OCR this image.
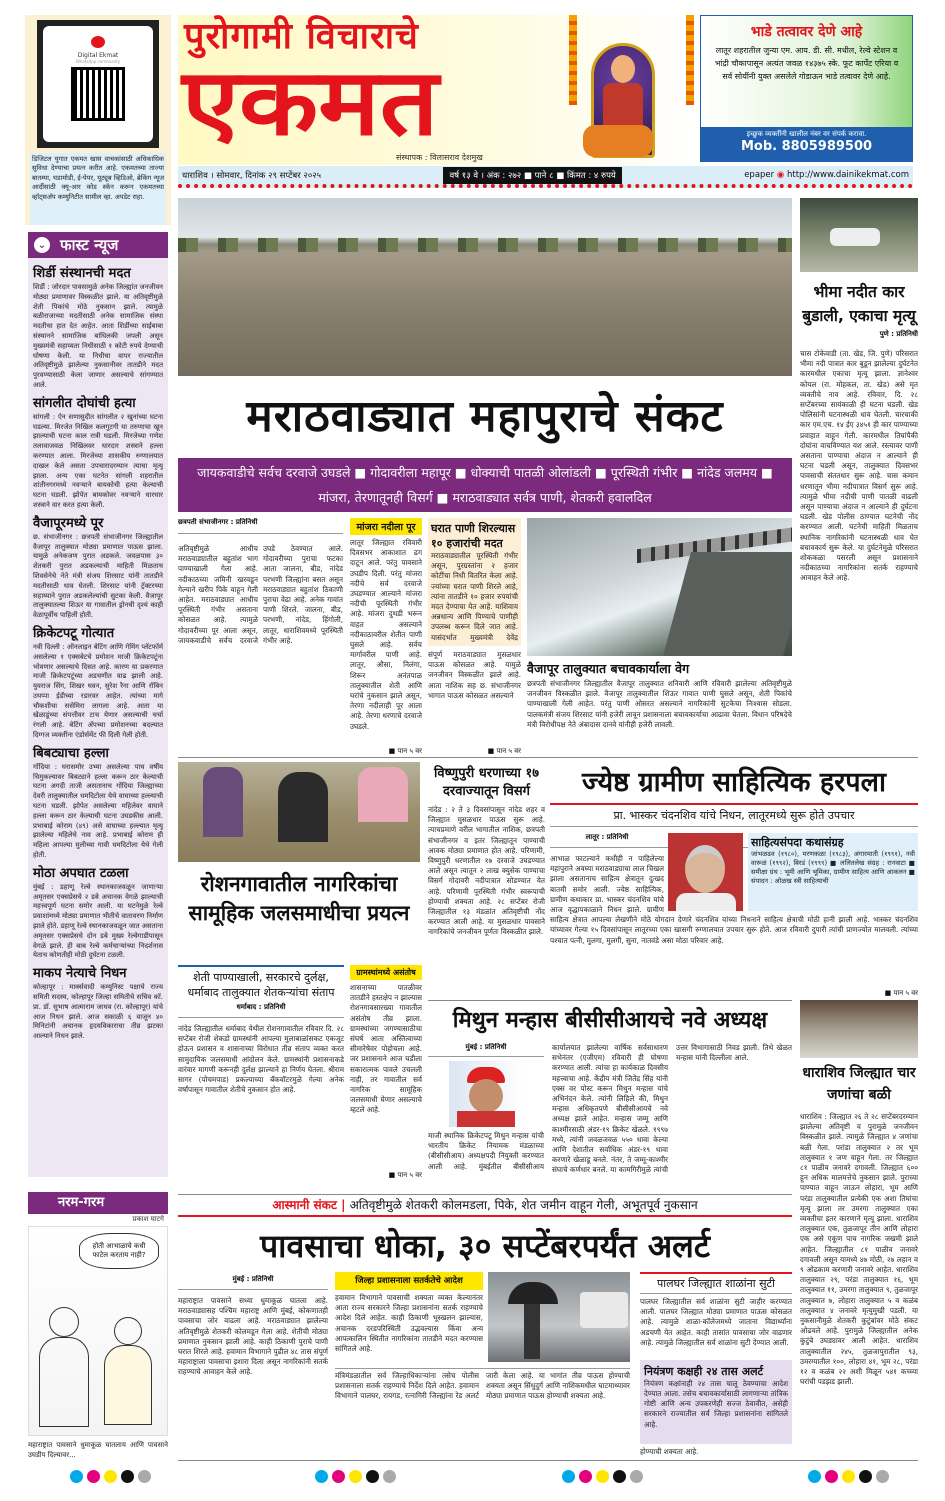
Digital Ekmat
WhatsApp community
डिजिटल युगात एकमत खास वाचकांसाठी अधिकाधिक सुविधा देण्याचा प्रयत्न करीत आहे. एकमतच्या ताज्या बातम्या, घडामोडी, ई-पेपर, यूट्यूब व्हिडिओ, ब्रेकिंग न्यूज आदींसाठी क्यू-आर कोड स्कॅन करून एकमतच्या व्हॉट्सअ‍ॅप कम्युनिटीत सामील व्हा. अपडेट राहा.
⌄ फास्ट न्यूज
शिर्डी संस्थानची मदत
शिर्डी : जोरदार पावसामुळे अनेक जिल्ह्यांत जनजीवन मोठ्या प्रमाणावर विस्कळीत झाले. या अतिवृष्टीमुळे शेती पिकांचे मोठे नुकसान झाले. त्यामुळे बळीराजाच्या मदतीसाठी अनेक सामाजिक संस्था मदतीचा हात देत आहेत. आता शिर्डीच्या साईबाबा संस्थानने सामाजिक बांधिलकी जपली असून मुख्यमंत्री सहाय्यता निधीसाठी १ कोटी रुपये देण्याची घोषणा केली. या निधीचा वापर राज्यातील अतिवृष्टीमुळे झालेल्या नुकसानीवर तातडीने मदत पुरवण्यासाठी केला जाणार असल्याचे सांगण्यात आले.
सांगलीत दोघांची हत्या
सांगली : ऐन सणासुदीत सांगलीत २ खुनांच्या घटना घडल्या. मिरजेत निखिल कलगुटगी या तरुणाचा खून झाल्याची घटना काल रात्री घडली. मिरजेच्या गणेश तलावाजवळ निखिलवर धारदार शस्त्राने हल्ला करण्यात आला. मिरजेच्या शासकीय रुग्णालयात दाखल केले असता उपचारादरम्यान त्याचा मृत्यू झाला. अन्य एका घटनेत सांगली शहरातील शांतीनगरमध्ये नवऱ्याने बायकोची हत्या केल्याची घटना घडली. झोपेत बायकोवर नवऱ्याने धारधार शस्त्राने वार करत हत्या केली.
वैजापूरमध्ये पूर
छ. संभाजीनगर : छत्रपती संभाजीनगर जिल्ह्यातील वैजापूर तालुक्यात मोठ्या प्रमाणात पाऊस झाला. यामुळे अनेकजण पुरात अडकले. जवळपास ३० शेतकरी पुरात अडकल्याची माहिती मिळताच शिवसेनेचे नेते मंत्री संजय शिरसाट यांनी तातडीने मदतीसाठी धाव घेतली. शिरसाट यांनी ट्रॅक्टरच्या सहाय्याने पुरात अडकलेल्यांची सुटका केली. वैजापूर तालुक्यातल्या शिऊर या गावातील ड्रोनची दृश्यं काही वेळापूर्वीच पाहिली होती.
क्रिकेटपटू गोत्यात
नवी दिल्ली : ऑनलाइन बेटिंग आणि गेमिंग प्लॅटफॉर्म असलेल्या १ एक्सबेटचे प्रमोशन माजी क्रिकेटपटूंना भोवणार असल्याचे दिसत आहे. कारण या प्रकरणात माजी क्रिकेटपटूंच्या अडचणीत वाढ झाली आहे. युवराज सिंग, शिखर धवन, सुरेश रैना आणि रॉबिन उथप्पा ईडीच्या रडारवर आहेत. त्यांच्या मागे चौकशीचा ससेमिरा लागला आहे. आता या खेळाडूंच्या संपत्तीवर टाच येणार असल्याची चर्चा रंगली आहे. बेटिंग अ‍ॅपच्या प्रमोशनच्या बदल्यात दिग्गज व्यक्तींना एंडोर्समेंट फी दिली गेली होती.
बिबट्याचा हल्ला
गोंदिया : घरासमोर उभ्या असलेल्या पाच वर्षीय चिमुकल्यावर बिबट्याने हल्ला करून ठार केल्याची घटना अगदी ताजी असतानाच गोंदिया जिल्ह्याच्या देवरी तालुक्यातील धमदिटोला येथे वाघाच्या हल्ल्याची घटना घडली. झोपेत असलेल्या महिलेवर वाघाने हल्ला करून ठार केल्याची घटना उघडकीस आली. प्रभाबाई कोराम (४९) असे वाघाच्या हल्ल्यात मृत्यू झालेल्या महिलेचे नाव आहे. प्रभाबाई कोराम ही महिला आपल्या मुलीच्या गावी धमदिटोला येथे गेली होती.
मोठा अपघात टळला
मुंबई : डहाणू रेल्वे स्थानकाजवळून जाणाऱ्या अमृतसर एक्सप्रेसचे २ डबे अचानक वेगळे झाल्याची महत्त्वपूर्ण घटना समोर आली. या घटनेमुळे रेल्वे प्रवाशांमध्ये मोठ्या प्रमाणात भीतीचे वातावरण निर्माण झाले होते. डहाणू रेल्वे स्थानकाजवळून जात असताना अमृतसर एक्सप्रेसचे दोन डबे मुख्य रेल्वेगाडीपासून वेगळे झाले. ही बाब रेल्वे कर्मचाऱ्यांच्या निदर्शनास येताच कोणतीही मोठी दुर्घटना टळली.
माकप नेत्याचे निधन
कोल्हापूर : मार्क्सवादी कम्युनिस्ट पक्षाचे राज्य समिती सदस्य, कोल्हापूर जिल्हा समितीचे सचिव कॉ. प्रा. डॉ. सुभाष आत्माराम जाधव (रा. कोल्हापूर) यांचे आज निधन झाले. आज सकाळी ६ वाजून ४० मिनिटांनी अचानक हृदयविकाराचा तीव्र झटका आल्याने निधन झाले.
नरम-गरम
प्रकाश घाटगे
होती आभाळाचे कधी फाटेल करताय नाही?
महाराष्ट्रात पावसाने धुमाकूळ घातलाय आणि पावसाने उघडीप दिल्यावर...
पुरोगामी विचाराचे
एकमत
संस्थापक : विलासराव देशमुख
भाडे तत्वावर देणे आहे
लातूर शहरातील जुन्या एम. आय. डी. सी. मधील, रेल्वे स्टेशन व भांद्री चौकापासून अत्यंत जवळ १४३७५ स्के. फूट कार्पेट एरिया व सर्व सोयींनी युक्त असलेले गोडाऊन भाडे तत्वावर देणे आहे.
इच्छुक व्यक्तींनी खालील नंबर वर संपर्क करावा.
Mob. 8805989500
धाराशिव । सोमवार, दिनांक २९ सप्टेंबर २०२५	वर्ष १३ वे । अंक : २७२ ■ पाने ८ ■ किंमत : ४ रुपये	epaper ◉ http://www.dainikekmat.com
भीमा नदीत कार बुडाली, एकाचा मृत्यू
पुणे : प्रतिनिधी
चास टोकेवाडी (ता. खेड, जि. पुणे) परिसरात भीमा नदी पात्रात कार बुडून झालेल्या दुर्घटनेत कारमधील एकाचा मृत्यू झाला. ज्ञानेश्वर कोयल (रा. मोहकल, ता. खेड) असे मृत व्यक्तीचे नाव आहे. रविवार, दि. २८ सप्टेंबरच्या सायंकाळी ही घटना घडली. खेड पोलिसांनी घटनास्थळी धाव घेतली. चारचाकी कार एम.एच. १४ ईए ३४५१ ही कार पाण्याच्या प्रवाहात वाहून गेली. कारमधील तिघांपैकी दोघांना वाचविण्यात यश आले. रस्त्यावर पाणी असताना पाण्याचा अंदाज न आल्याने ही घटना घडली असून, तालुक्यात दिवसभर पावसाची संततधार सुरू आहे. चास कमान धरणातून भीमा नदीपात्रात विसर्ग सुरू आहे. त्यामुळे भीमा नदीची पाणी पातळी वाढली असून पाण्याचा अंदाज न आल्याने ही दुर्घटना घडली. खेड पोलीस ठाण्यात घटनेची नोंद करण्यात आली. घटनेची माहिती मिळताच स्थानिक नागरिकांनी घटनास्थळी धाव घेत बचावकार्य सुरू केले. या दुर्घटनेमुळे परिसरात शोककळा पसरली असून प्रशासनाने नदीकाठच्या नागरिकांना सतर्क राहण्याचे आवाहन केले आहे.
मराठवाड्यात महापुराचे संकट
जायकवाडीचे सर्वच दरवाजे उघडले ■ गोदावरीला महापूर ■ धोक्याची पातळी ओलांडली ■ पूरस्थिती गंभीर ■ नांदेड जलमय ■ मांजरा, तेरणातूनही विसर्ग ■ मराठवाड्यात सर्वत्र पाणी, शेतकरी हवालदिल
छत्रपती संभाजीनगर : प्रतिनिधी
अतिवृष्टीमुळे आधीच मराठवाड्यातील बहुतांश भाग पाण्याखाली गेला आहे. नदीकाठच्या जमिनी खरवडून गेल्याने खरीप पिके वाहून गेली आहेत. मराठवाड्यात आधीच पूरस्थिती गंभीर असताना कोसळत आहे. त्यामुळे गोदावरीच्या पूर आला असून, जायकवाडीचे सर्वच दरवाजे उघडे ठेवण्यात आले. गोदावरीच्या पुराचा फटका आता जालना, बीड, नांदेड परभणी जिल्ह्यांना बसत असून मराठवाड्यात बहुतांश ठिकाणी पुराचा वेढा आहे. अनेक गावांत पाणी शिरले. जालना, बीड, परभणी, नांदेड, हिंगोली, लातूर, धाराशिवमध्ये पूरस्थिती गंभीर आहे.
मांजरा नदीला पूर
लातूर जिल्ह्यात रविवारी दिवसभर आकाशात ढग दाटून आले. परंतु पावसाने उघडीप दिली. परंतु मांजरा नदीचे सर्व दरवाजे उघडण्यात आल्याने मांजरा नदीची पूरस्थिती गंभीर आहे. मांजरा दुथडी भरून वाहत असल्याने नदीकाठावरील शेतीत पाणी घुसले आहे. सर्वच मार्गावरील पाणी आहे. लातूर, औसा, निलंगा, शिरूर अनंतपाळ तालुक्यातील शेती आणि घरांचे नुकसान झाले असून, तेरणा नदीलाही पूर आला आहे. तेरणा धरणाचे दरवाजे उघडले.
■ पान ५ वर
घरात पाणी शिरल्यास १० हजारांची मदत
मराठवाड्यातील पूरस्थिती गंभीर असून, पुरग्रस्तांना २ हजार कोटींचा निधी वितरित केला आहे. ज्यांच्या घरात पाणी शिरले आहे, त्यांना तातडीने १० हजार रुपयांची मदत देण्याचा येत आहे. याशिवाय अन्नधान्य आणि पिण्याचे पाणीही उपलब्ध करून दिले जात आहे. यासंदर्भात मुख्यमंत्री देवेंद्र
संपूर्ण मराठवाड्यात मुसळधार पाऊस कोसळत आहे. यामुळे जनजीवन विस्कळीत झाले आहे. आता नाशिक सह छ. संभाजीनगर भागात पाऊस कोसळत असल्याने
■ पान ५ वर
वैजापूर तालुक्यात बचावकार्याला वेग
छत्रपती संभाजीनगर जिल्ह्यातील वैजापूर तालुक्यात शनिवारी आणि रविवारी झालेल्या अतिवृष्टीमुळे जनजीवन विस्कळीत झाले. वैजापूर तालुक्यातील शिऊर गावात पाणी घुसले असून, शेती पिकांचे पाण्याखाली गेली आहेत. परंतु पाणी ओसरत असल्याने नागरिकांनी सुटकेचा निःश्वास सोडला. पालकमंत्री संजय शिरसाट यांनी हजेरी लावून प्रशासनाला बचावकार्याचा आढावा घेतला. विधान परिषदेचे मंत्री विरोधीपक्ष नेते अंबादास दानवे यांनीही हजेरी लावली.
रोशनगावातील नागरिकांचा सामूहिक जलसमाधीचा प्रयत्न
शेती पाण्याखाली, सरकारचे दुर्लक्ष, धर्माबाद तालुक्यात शेतकऱ्यांचा संताप
धर्माबाद : प्रतिनिधी
नांदेड जिल्ह्यातील धर्माबाद येथील रोशनगावातील रविवार दि. २८ सप्टेंबर रोजी शेकडो ग्रामस्थांनी आपल्या मुलाबाळांसकट एकजूट होऊन प्रशासन व शासनाच्या विरोधात तीव्र संताप व्यक्त करत सामुदायिक जलसमाधी आंदोलन केले. ग्रामस्थांनी प्रशासनाकडे वारंवार मागणी करूनही दुर्लक्ष झाल्याने हा निर्णय घेतला. श्रीराम सागर (पोचमपाड) प्रकल्पाच्या बॅकवॉटरमुळे गेल्या अनेक वर्षांपासून गावातील शेतीचे नुकसान होत आहे.
ग्रामस्थांमध्ये असंतोष
शासनाच्या पातळीवर तातडीने हस्तक्षेप न झाल्यास रोशनगावसारख्या गावातील असंतोष तीव्र झाला. ग्रामस्थांच्या जगण्यासाठीचा संघर्ष आता अस्तित्वाच्या सीमारेषेवर पोहोचला आहे. जर प्रशासनाने आज घडीला सकारात्मक पावले उचलली नाही, तर गावातील सर्व नागरिक सामूहिक जलसमाधी घेणार असल्याचे म्हटले आहे.
■ पान ५ वर
विष्णुपुरी धरणाच्या १७ दरवाज्यातून विसर्ग
नांदेड : २ ते ३ दिवसांपासून नांदेड शहर व जिल्ह्यात मुसळधार पाऊस सुरू आहे. त्याचप्रमाणे वरील भागातील नाशिक, छत्रपती संभाजीनगर व इतर जिल्ह्यातून पाण्याची आवक मोठ्या प्रमाणात होत आहे. परिणामी, विष्णुपुरी धरणातील १७ दरवाजे उघडण्यात आले असून त्यातून २ लाख क्युसेक पाण्याचा विसर्ग गोदावरी नदीपात्रात सोडण्यात येत आहे. परिणामी पूरस्थिती गंभीर स्वरूपाची होण्याची शक्यता आहे. २८ सप्टेंबर रोजी जिल्ह्यातील १३ मंडळांत अतिवृष्टीची नोंद करण्यात आली आहे. या मुसळधार पावसाने नागरिकांचे जनजीवन पूर्णतः विस्कळीत झाले.
ज्येष्ठ ग्रामीण साहित्यिक हरपला
प्रा. भास्कर चंदनशिव यांचे निधन, लातूरमध्ये सुरू होते उपचार
साहित्यसंपदा कथासंग्रह
जांभळढव (१९८०), मरणकळा (१९८३), अंगारमाती (१९९१), नवी वारूळं (१९९२), बिरडं (१९९९) ■ ललितलेख संग्रह : रानवाटा ■ समीक्षा ग्रंथ : भूमी आणि भूमिका, ग्रामीण साहित्य आणि आकलन ■ संपादन : ओळख स्त्री साहित्याची
लातूर : प्रतिनिधी
आभाळ फाटल्याने कधीही न पाहिलेल्या महापुराने अवघ्या मराठवाड्याचा लाल चिखल झाला असतानाच साहित्य क्षेत्रातून दुःखद बातमी समोर आली. ज्येष्ठ साहित्यिक, ग्रामीण कथाकार प्रा. भास्कर चंदनशिव यांचे आज वृद्धापकाळाने निधन झाले. ग्रामीण साहित्य क्षेत्रात आपल्या लेखणीने मोठे योगदान देणारे चंदनशिव यांच्या निधनाने साहित्य क्षेत्राची मोठी हानी झाली आहे. भास्कर चंदनशिव यांच्यावर गेल्या १५ दिवसांपासून लातूरच्या एका खासगी रुग्णालयात उपचार सुरू होते. आज रविवारी दुपारी त्यांची प्राणज्योत मालवली. त्यांच्या पश्चात पत्नी, मुलगा, मुलगी, सुना, नातवंडे असा मोठा परिवार आहे.
■ पान ५ वर
मिथुन मन्हास बीसीसीआयचे नवे अध्यक्ष
मुंबई : प्रतिनिधी
माजी स्थानिक क्रिकेटपटू मिथुन मन्हास यांची भारतीय क्रिकेट नियामक मंडळाच्या (बीसीसीआय) अध्यक्षपदी नियुक्ती करण्यात आली आहे. मुंबईतील बीसीसीआय कार्यालयात झालेल्या वार्षिक सर्वसाधारण सभेनंतर (एजीएम) रविवारी ही घोषणा करण्यात आली. त्यांचा हा कार्यकाळ दिवसीय महत्त्वाचा आहे. केंद्रीय मंत्री जितेंद्र सिंह यांनी एक्स वर पोस्ट करून मिथुन मन्हास यांचे अभिनंदन केले. त्यांनी लिहिले की, मिथुन मन्हास अधिकृतपणे बीसीसीआयचे नवे अध्यक्ष झाले आहेत. मन्हास जम्मू आणि काश्मीरसाठी अंडर-१९ क्रिकेट खेळले. १९९७ मध्ये, त्यांनी जवळजवळ ५५० धावा केल्या आणि देशातील सर्वाधिक अंडर-१९ धावा करणारे खेळाडू बनले. नंतर, ते जम्मू-काश्मीर संघाचे कर्णधार बनले. या कामगिरीमुळे त्यांची उत्तर विभागासाठी निवड झाली. तिथे खेळत मन्हास यांनी दिल्लीला आले.
धाराशिव जिल्ह्यात चार जणांचा बळी
धाराशिव : जिल्ह्यात २६ ते २८ सप्टेंबरदरम्यान झालेल्या अतिवृष्टी व पुरामुळे जनजीवन विस्कळीत झाले. त्यामुळे जिल्ह्यात ४ जणांचा बळी गेला. परांडा तालुक्यात २ तर भूम तालुक्यात १ जण वाहून गेला. तर जिल्ह्यात ८१ पाळीव जनावरे दगावली. जिल्ह्यात ६०० हून अधिक मालमत्तेचे नुकसान झाले. पुराच्या पाण्यात वाहून जाऊन लोहारा, भूम आणि परंडा तालुक्यातील प्रत्येकी एक अशा तिघांचा मृत्यू झाला तर उमरगा तालुक्यात एका व्यक्तीचा इतर कारणाने मृत्यू झाला. धाराशिव तालुक्यात एक, तुळजापूर तीन आणि लोहारा एक असे एकूण पाच नागरिक जखमी झाले आहेत. जिल्ह्यातील ८१ पाळीव जनावरे दगावली असून यामध्ये ४७ मोठी, २७ लहान व ९ ओढकाम करणारी जनावरे आहेत. धाराशिव तालुक्यात २९, परंडा तालुक्यात १६, भूम तालुक्यात ११, उमरगा तालुक्यात ९, तुळजापूर तालुक्यात ७, लोहारा तालुक्यात ५ व कळंब तालुक्यात ४ जनावरे मृत्युमुखी पडली. या नुकसानीमुळे शेतकरी कुटुंबांवर मोठे संकट ओढवले आहे. पुरामुळे जिल्ह्यातील अनेक कुटुंबे उघड्यावर आली आहेत. धाराशिव तालुक्यातील २४५, तुळजापुरातील ९३, उमरग्यातील १००, लोहारा ४१, भूम २८, परंडा १२ व कळंब २२ अशी मिळून ५४१ कच्च्या घरांची पडझड झाली.
आस्मानी संकट | अतिवृष्टीमुळे शेतकरी कोलमडला, पिके, शेत जमीन वाहून गेली, अभूतपूर्व नुकसान
पावसाचा धोका, ३० सप्टेंबरपर्यंत अलर्ट
मुंबई : प्रतिनिधी
महाराष्ट्रात पावसाने सध्या धुमाकूळ घातला आहे. मराठवाड्यासह पश्चिम महाराष्ट्र आणि मुंबई, कोकणातही पावसाचा जोर वाढला आहे. मराठवाड्यात झालेल्या अतिवृष्टीमुळे शेतकरी कोलमडून गेला आहे. शेतीची मोठ्या प्रमाणात नुकसान झाली आहे. काही ठिकाणी पुराचे पाणी घरात शिरले आहे. हवामान विभागाने पुढील ४८ तास संपूर्ण महाराष्ट्राला पावसाचा इशारा दिला असून नागरिकांनी सतर्क राहण्याचे आवाहन केले आहे.
जिल्हा प्रशासनाला सतर्कतेचे आदेश
हवामान विभागाने पावसाची शक्यता व्यक्त केल्यानंतर आता राज्य सरकारने जिल्हा प्रशासनांना सतर्क राहण्याचे आदेश दिले आहेत. काही ठिकाणी भूस्खलन झाल्यास, अचानक दरडपरिस्थिती उद्भवल्यास किंवा अन्य आपत्कालिन स्थितीत नागरिकांना तातडीने मदत करण्यास सांगितले आहे.
मंत्रिमंडळातील सर्व जिल्हाधिकाऱ्यांना तसेच पोलीस प्रशासनाला सतर्क राहण्याचे निर्देश दिले आहेत. हवामान विभागाने पालघर, रायगड, रत्नागिरी जिल्ह्यांना रेड अलर्ट जारी केला आहे. या भागांत तीव्र पाऊस होण्याची शक्यता असून सिंधुदुर्ग आणि नाशिकमधील घाटमाथ्यावर मोठ्या प्रमाणात पाऊस होण्याची शक्यता आहे.
पालघर जिल्ह्यात शाळांना सुटी
पालघर जिल्ह्यातील सर्व शाळांना सुटी जाहीर करण्यात आली. पालघर जिल्ह्यात मोठ्या प्रमाणात पाऊस कोसळत आहे. त्यामुळे शाळा-कॉलेजमध्ये जाताना विद्यार्थ्यांना अडचणी येत आहेत. काही तासांत पावसाचा जोर वाढणार आहे. त्यामुळे जिल्ह्यातील सर्व शाळांना सुटी देण्यात आली.
नियंत्रण कक्षही २४ तास अलर्ट
नियंत्रण कक्षांनाही २४ तास चालू ठेवण्याचा आदेश देण्यात आला. तसेच बचावकार्यासाठी लागणाऱ्या तांत्रिक गोष्टी आणि अन्य उपकरणेही सज्ज ठेवावीत, असेही सरकारने राज्यातील सर्व जिल्हा प्रशासनांना सांगितले आहे.
होण्याची शक्यता आहे.
